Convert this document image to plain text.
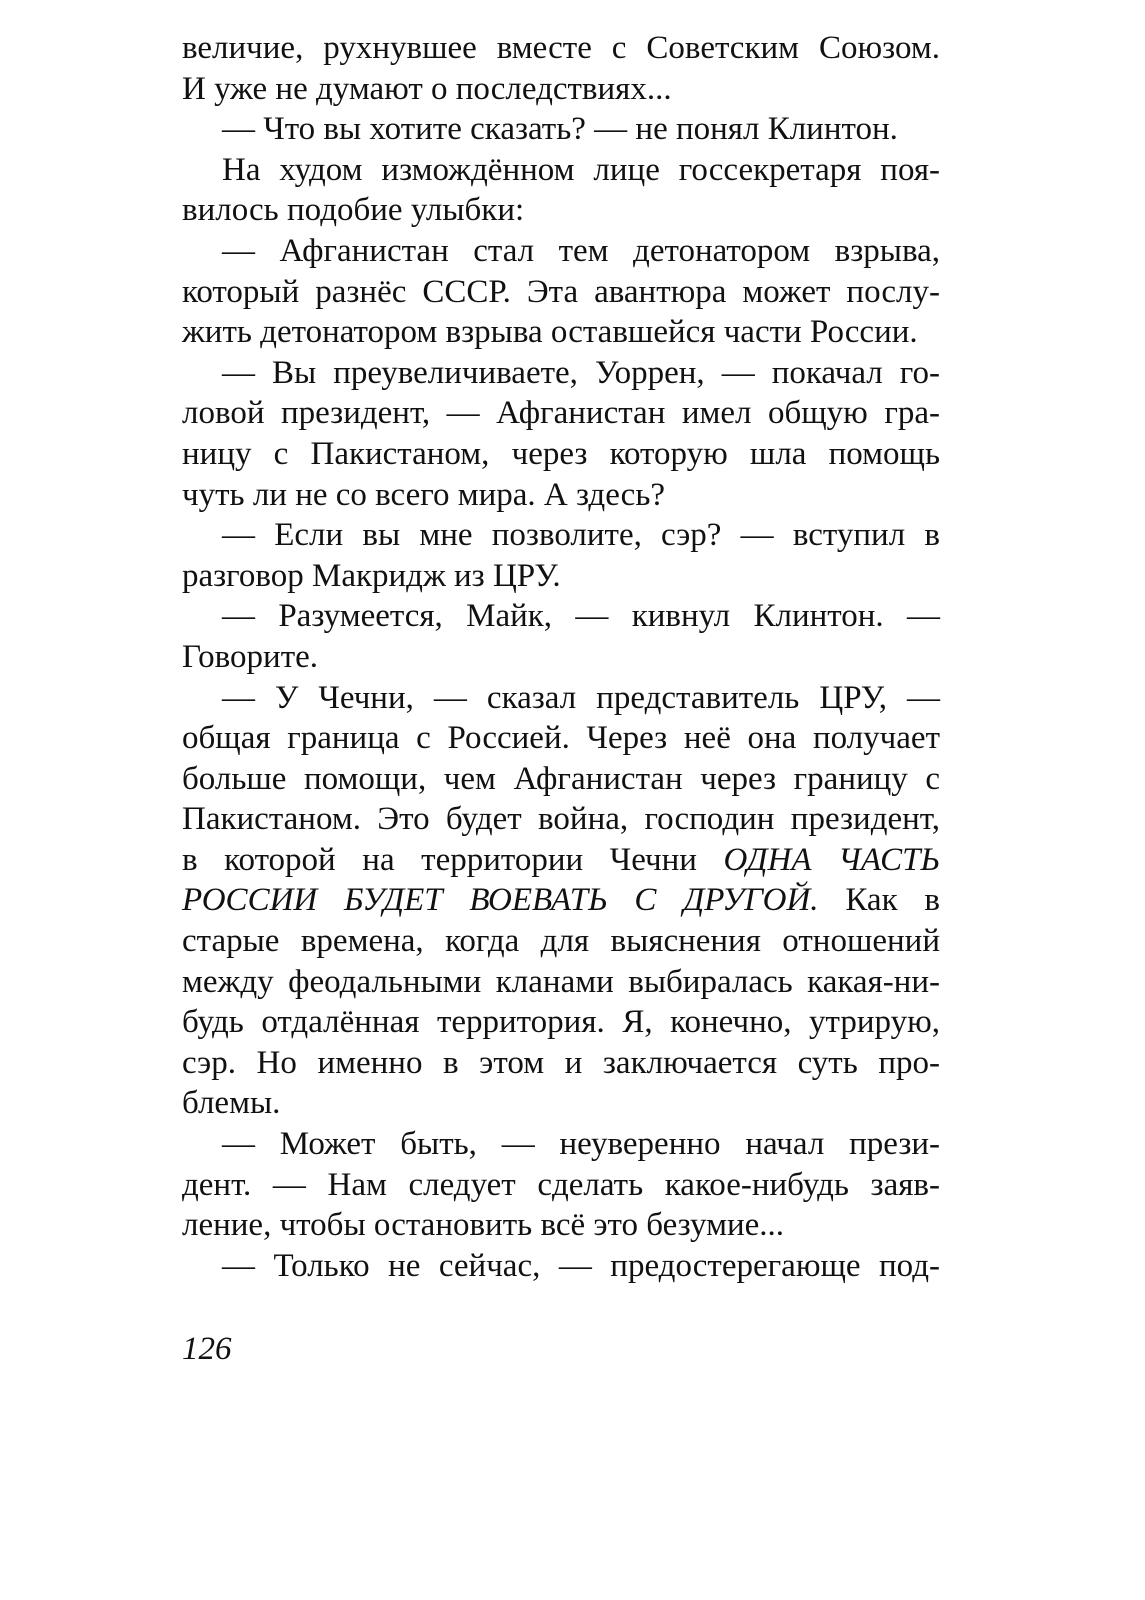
величие, рухнувшее вместе с Советским Союзом.
И уже не думают о последствиях...
— Что вы хотите сказать? — не понял Клинтон.
На худом измождённом лице госсекретаря поя-
вилось подобие улыбки:
— Афганистан стал тем детонатором взрыва,
который разнёс СССР. Эта авантюра может послу-
жить детонатором взрыва оставшейся части России.
— Вы преувеличиваете, Уоррен, — покачал го-
ловой президент, — Афганистан имел общую гра-
ницу с Пакистаном, через которую шла помощь
чуть ли не со всего мира. А здесь?
— Если вы мне позволите, сэр? — вступил в
разговор Макридж из ЦРУ.
— Разумеется, Майк, — кивнул Клинтон. —
Говорите.
— У Чечни, — сказал представитель ЦРУ, —
общая граница с Россией. Через неё она получает
больше помощи, чем Афганистан через границу с
Пакистаном. Это будет война, господин президент,
в которой на территории Чечни ОДНА ЧАСТЬ
РОССИИ БУДЕТ ВОЕВАТЬ С ДРУГОЙ. Как в
старые времена, когда для выяснения отношений
между феодальными кланами выбиралась какая-ни-
будь отдалённая территория. Я, конечно, утрирую,
сэр. Но именно в этом и заключается суть про-
блемы.
— Может быть, — неуверенно начал прези-
дент. — Нам следует сделать какое-нибудь заяв-
ление, чтобы остановить всё это безумие...
— Только не сейчас, — предостерегающе под-
126
